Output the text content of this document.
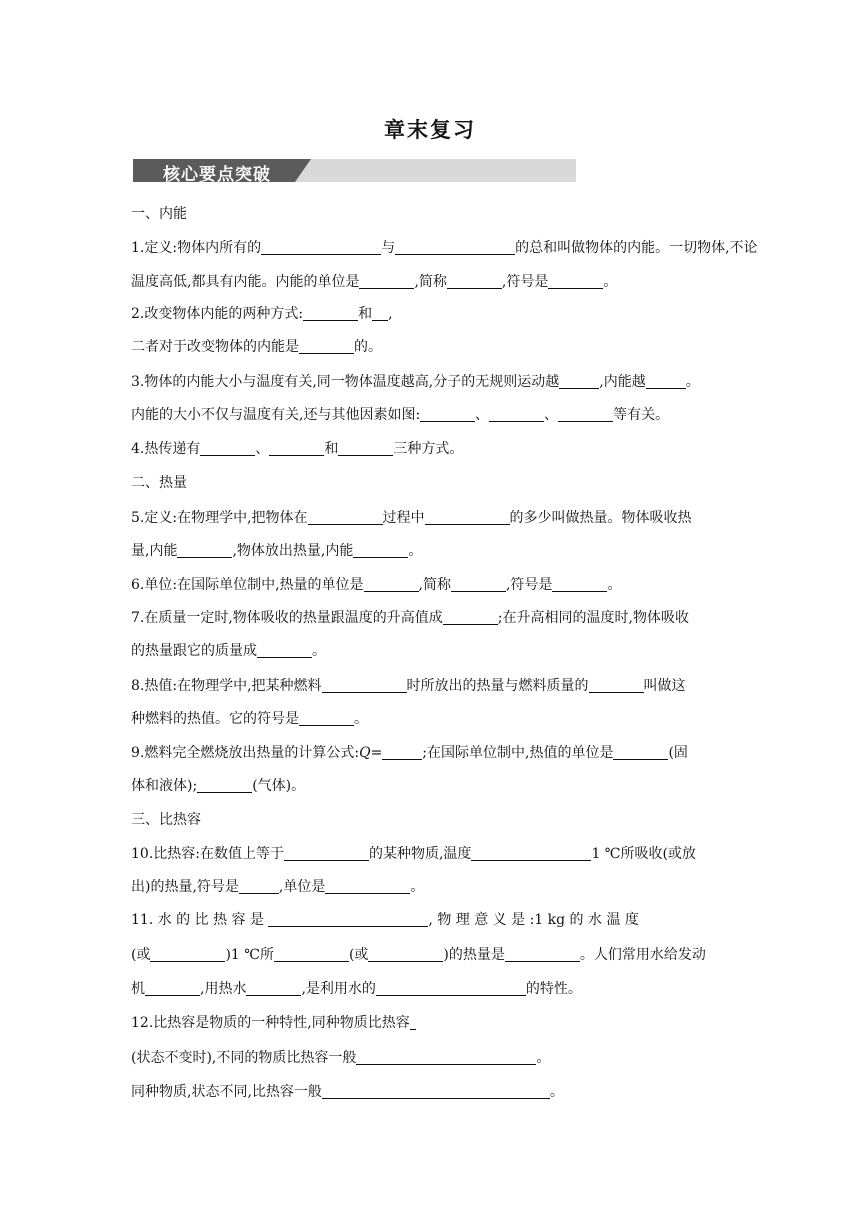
章末复习
核心要点突破
一、内能
1.定义:物体内所有的	与	的总和叫做物体的内能。一切物体,不论
温度高低,都具有内能。内能的单位是	,简称	,符号是	。
2.改变物体内能的两种方式:	和 ,
二者对于改变物体的内能是	的。
3.物体的内能大小与温度有关,同一物体温度越高,分子的无规则运动越	,内能越	。
内能的大小不仅与温度有关,还与其他因素如图:	、	、	等有关。
4.热传递有	、	和	三种方式。
二、热量
5.定义:在物理学中,把物体在	过程中	的多少叫做热量。物体吸收热
量,内能	,物体放出热量,内能	。
6.单位:在国际单位制中,热量的单位是	,简称	,符号是	。
7.在质量一定时,物体吸收的热量跟温度的升高值成	;在升高相同的温度时,物体吸收
的热量跟它的质量成	。
8.热值:在物理学中,把某种燃料	时所放出的热量与燃料质量的	叫做这
种燃料的热值。它的符号是	。
9.燃料完全燃烧放出热量的计算公式:Q=	;在国际单位制中,热值的单位是	(固
体和液体);	(气体)。
三、比热容
10.比热容:在数值上等于	的某种物质,温度	1 ℃所吸收(或放
出)的热量,符号是	,单位是	。
11. 水 的 比 热 容 是	, 物 理 意 义 是 :1 kg 的 水 温 度
(或	)1 ℃所	(或	)的热量是	。人们常用水给发动
机	,用热水	,是利用水的	的特性。
12.比热容是物质的一种特性,同种物质比热容
(状态不变时),不同的物质比热容一般	。
同种物质,状态不同,比热容一般	。
